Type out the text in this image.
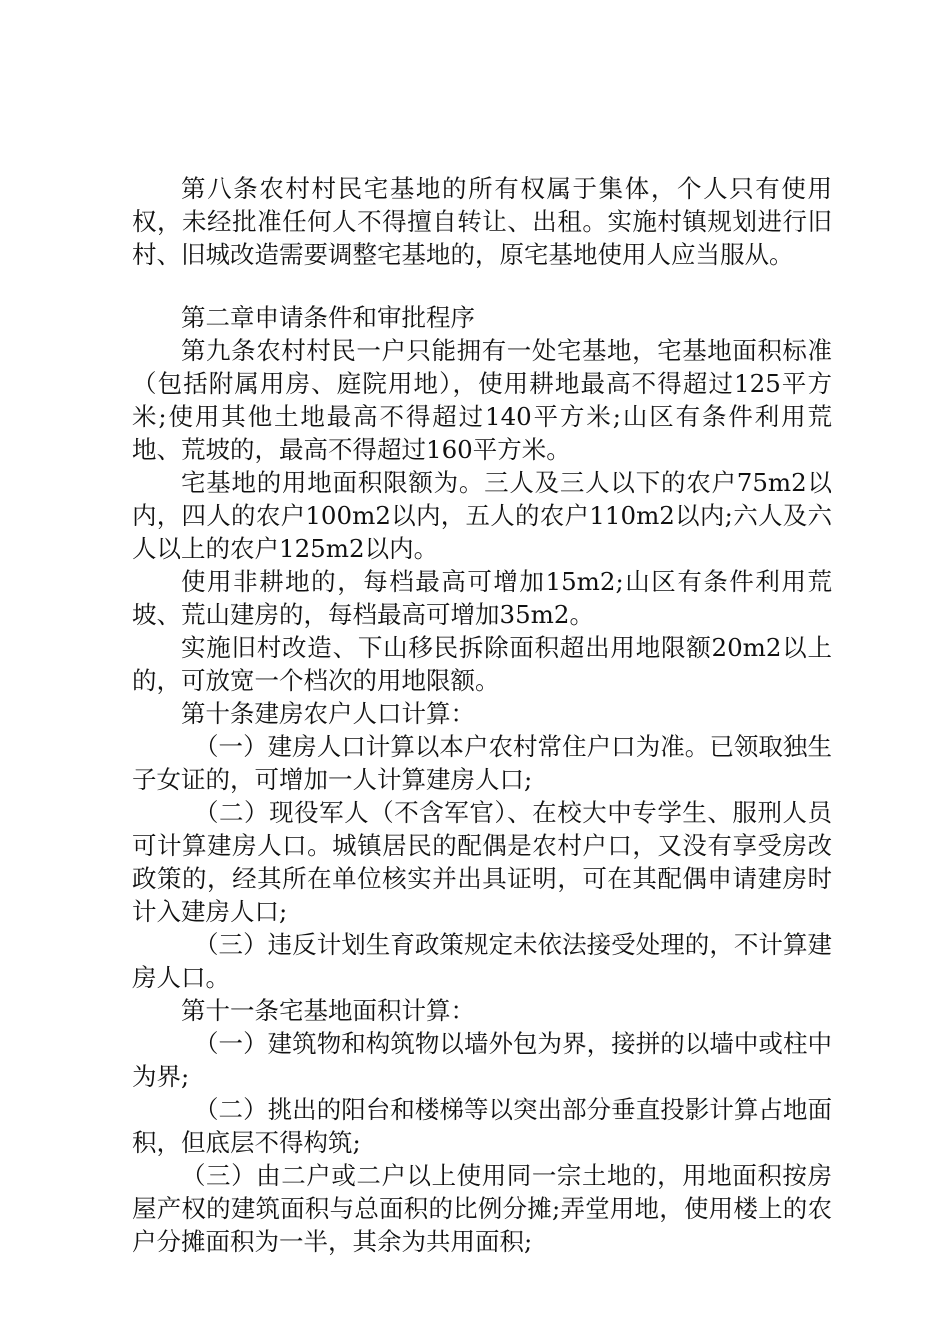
第八条农村村民宅基地的所有权属于集体，个人只有使用权，未经批准任何人不得擅自转让、出租。实施村镇规划进行旧村、旧城改造需要调整宅基地的，原宅基地使用人应当服从。

第二章申请条件和审批程序

第九条农村村民一户只能拥有一处宅基地，宅基地面积标准（包括附属用房、庭院用地），使用耕地最高不得超过125平方米;使用其他土地最高不得超过140平方米;山区有条件利用荒地、荒坡的，最高不得超过160平方米。

宅基地的用地面积限额为。三人及三人以下的农户75m2以内，四人的农户100m2以内，五人的农户110m2以内;六人及六人以上的农户125m2以内。

使用非耕地的，每档最高可增加15m2;山区有条件利用荒坡、荒山建房的，每档最高可增加35m2。

实施旧村改造、下山移民拆除面积超出用地限额20m2以上的，可放宽一个档次的用地限额。

第十条建房农户人口计算：

（一）建房人口计算以本户农村常住户口为准。已领取独生子女证的，可增加一人计算建房人口;

（二）现役军人（不含军官）、在校大中专学生、服刑人员可计算建房人口。城镇居民的配偶是农村户口，又没有享受房改政策的，经其所在单位核实并出具证明，可在其配偶申请建房时计入建房人口;

（三）违反计划生育政策规定未依法接受处理的，不计算建房人口。

第十一条宅基地面积计算：

（一）建筑物和构筑物以墙外包为界，接拼的以墙中或柱中为界;

（二）挑出的阳台和楼梯等以突出部分垂直投影计算占地面积，但底层不得构筑;

（三）由二户或二户以上使用同一宗土地的，用地面积按房屋产权的建筑面积与总面积的比例分摊;弄堂用地，使用楼上的农户分摊面积为一半，其余为共用面积;
